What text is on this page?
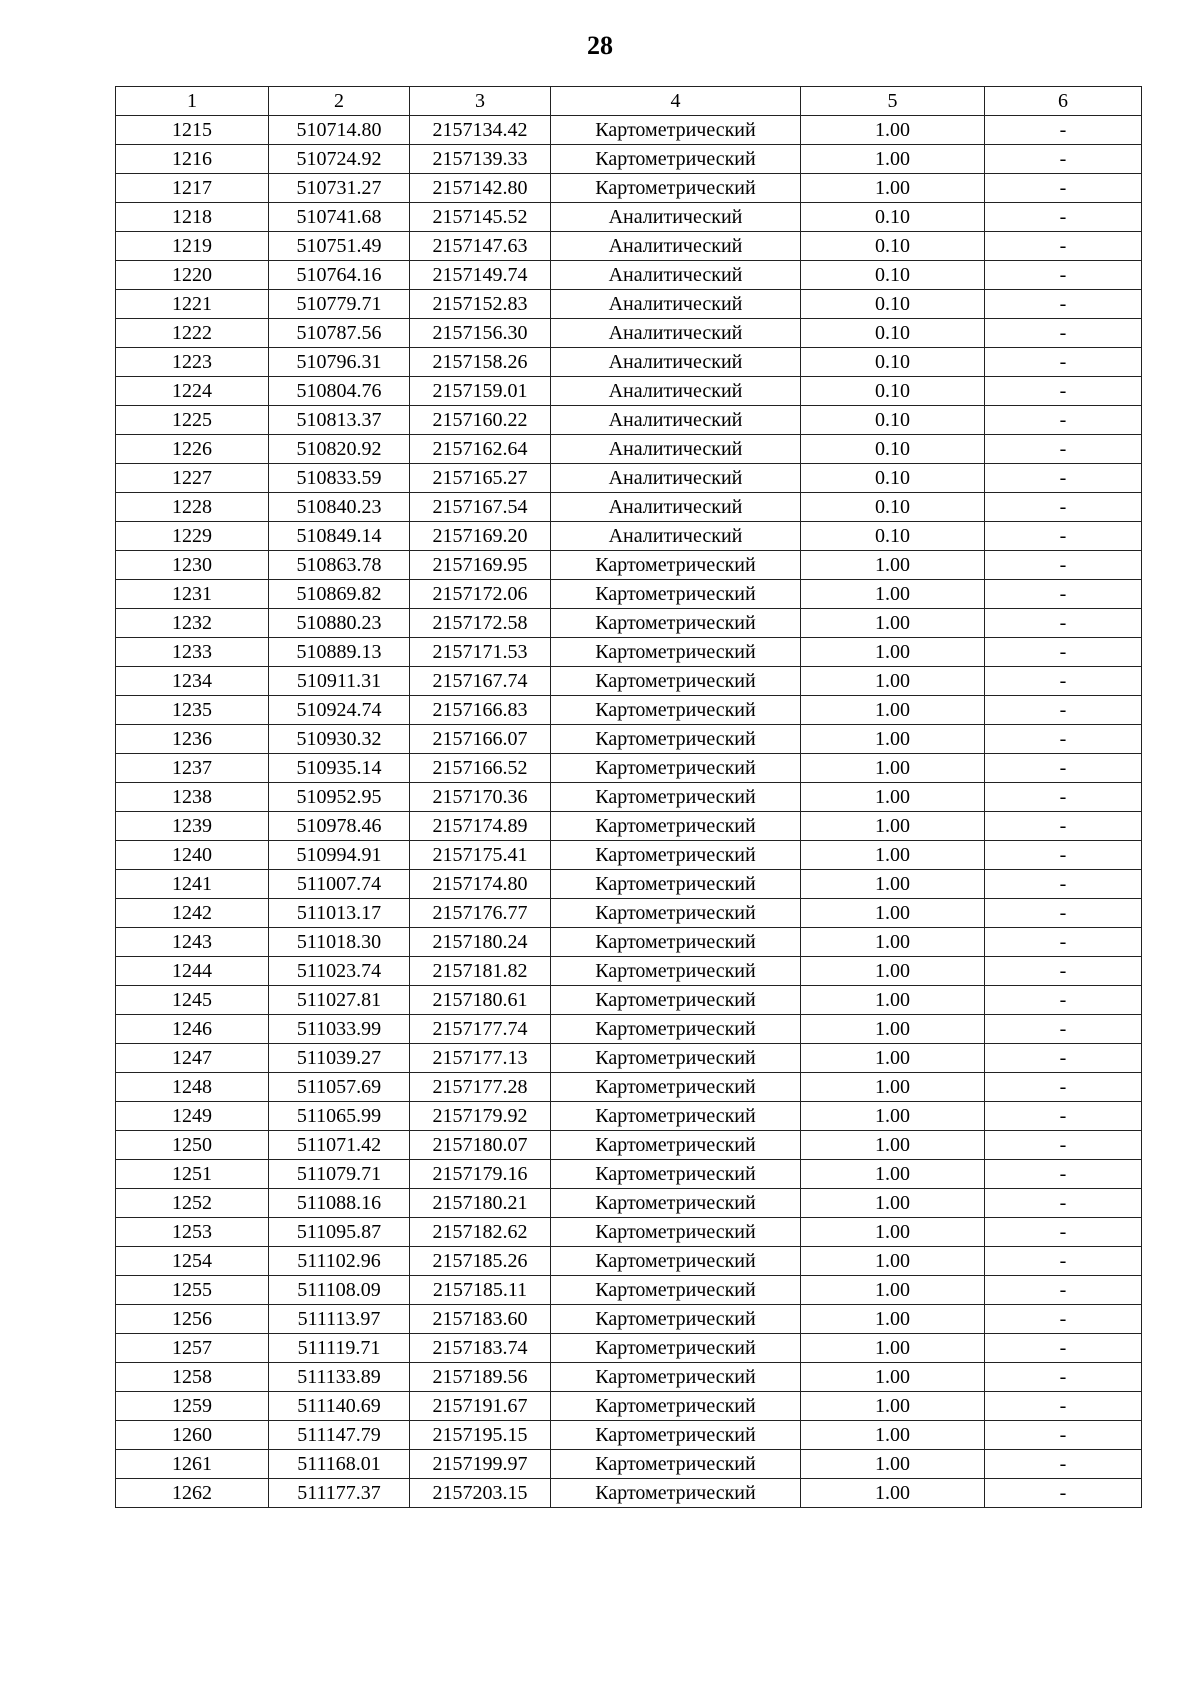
28
1	2	3	4	5	6
1215	510714.80	2157134.42	Картометрический	1.00	-
1216	510724.92	2157139.33	Картометрический	1.00	-
1217	510731.27	2157142.80	Картометрический	1.00	-
1218	510741.68	2157145.52	Аналитический	0.10	-
1219	510751.49	2157147.63	Аналитический	0.10	-
1220	510764.16	2157149.74	Аналитический	0.10	-
1221	510779.71	2157152.83	Аналитический	0.10	-
1222	510787.56	2157156.30	Аналитический	0.10	-
1223	510796.31	2157158.26	Аналитический	0.10	-
1224	510804.76	2157159.01	Аналитический	0.10	-
1225	510813.37	2157160.22	Аналитический	0.10	-
1226	510820.92	2157162.64	Аналитический	0.10	-
1227	510833.59	2157165.27	Аналитический	0.10	-
1228	510840.23	2157167.54	Аналитический	0.10	-
1229	510849.14	2157169.20	Аналитический	0.10	-
1230	510863.78	2157169.95	Картометрический	1.00	-
1231	510869.82	2157172.06	Картометрический	1.00	-
1232	510880.23	2157172.58	Картометрический	1.00	-
1233	510889.13	2157171.53	Картометрический	1.00	-
1234	510911.31	2157167.74	Картометрический	1.00	-
1235	510924.74	2157166.83	Картометрический	1.00	-
1236	510930.32	2157166.07	Картометрический	1.00	-
1237	510935.14	2157166.52	Картометрический	1.00	-
1238	510952.95	2157170.36	Картометрический	1.00	-
1239	510978.46	2157174.89	Картометрический	1.00	-
1240	510994.91	2157175.41	Картометрический	1.00	-
1241	511007.74	2157174.80	Картометрический	1.00	-
1242	511013.17	2157176.77	Картометрический	1.00	-
1243	511018.30	2157180.24	Картометрический	1.00	-
1244	511023.74	2157181.82	Картометрический	1.00	-
1245	511027.81	2157180.61	Картометрический	1.00	-
1246	511033.99	2157177.74	Картометрический	1.00	-
1247	511039.27	2157177.13	Картометрический	1.00	-
1248	511057.69	2157177.28	Картометрический	1.00	-
1249	511065.99	2157179.92	Картометрический	1.00	-
1250	511071.42	2157180.07	Картометрический	1.00	-
1251	511079.71	2157179.16	Картометрический	1.00	-
1252	511088.16	2157180.21	Картометрический	1.00	-
1253	511095.87	2157182.62	Картометрический	1.00	-
1254	511102.96	2157185.26	Картометрический	1.00	-
1255	511108.09	2157185.11	Картометрический	1.00	-
1256	511113.97	2157183.60	Картометрический	1.00	-
1257	511119.71	2157183.74	Картометрический	1.00	-
1258	511133.89	2157189.56	Картометрический	1.00	-
1259	511140.69	2157191.67	Картометрический	1.00	-
1260	511147.79	2157195.15	Картометрический	1.00	-
1261	511168.01	2157199.97	Картометрический	1.00	-
1262	511177.37	2157203.15	Картометрический	1.00	-
